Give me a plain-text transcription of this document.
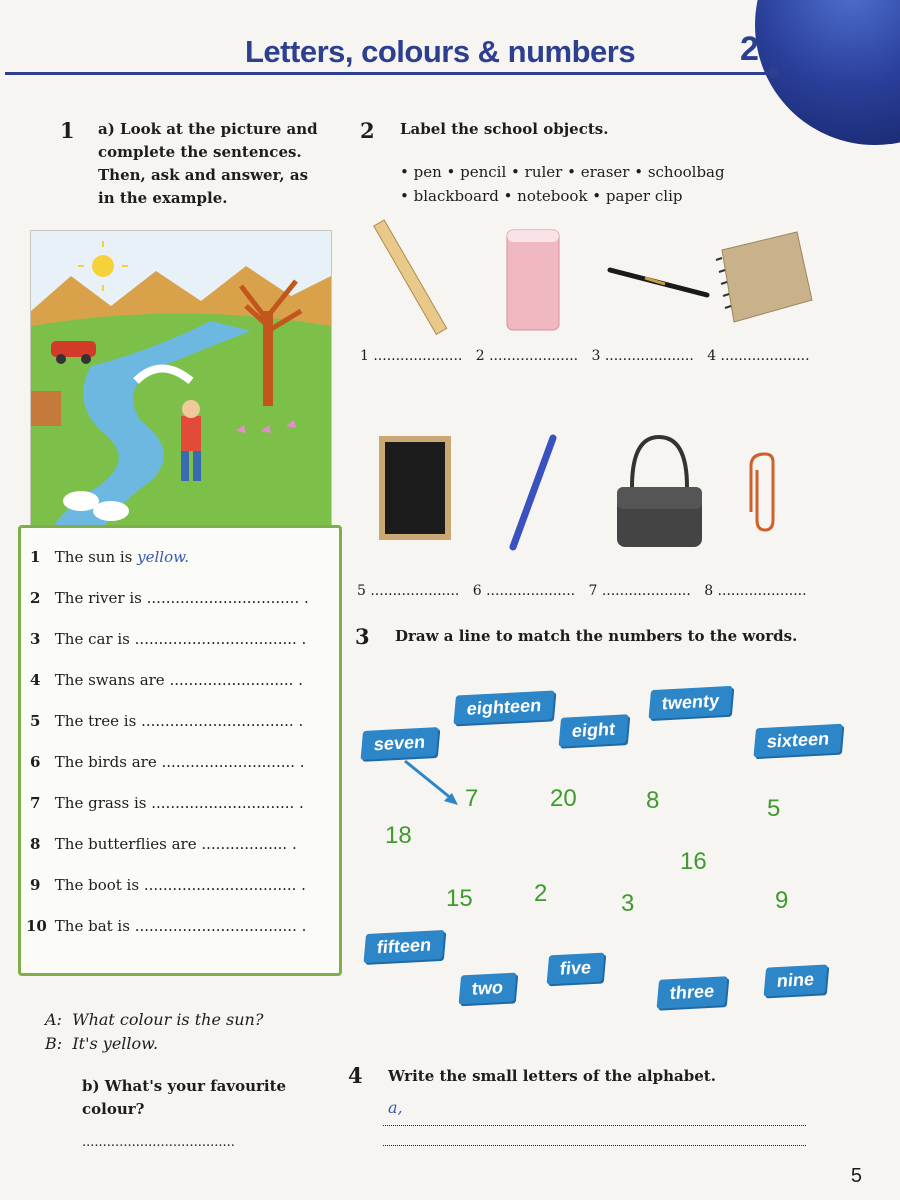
Letters, colours & numbers	2
1 a) Look at the picture and complete the sentences. Then, ask and answer, as in the example.
1 The sun is yellow.
2 The river is ................................ .
3 The car is .................................. .
4 The swans are .......................... .
5 The tree is ................................ .
6 The birds are ............................ .
7 The grass is .............................. .
8 The butterflies are .................. .
9 The boot is ................................ .
10 The bat is .................................. .
A: What colour is the sun?
B: It's yellow.
b) What's your favourite colour?
.....................................
2 Label the school objects.
• pen • pencil • ruler • eraser • schoolbag
• blackboard • notebook • paper clip
1 .................... 2 .................... 3 .................... 4 ....................
5 .................... 6 .................... 7 .................... 8 ....................
3 Draw a line to match the numbers to the words.
eighteen	twenty
eight
seven	sixteen
fifteen
five
nine
two	three
7	20	8	5
18
16
15	2	3	9
4 Write the small letters of the alphabet.
a,
5
